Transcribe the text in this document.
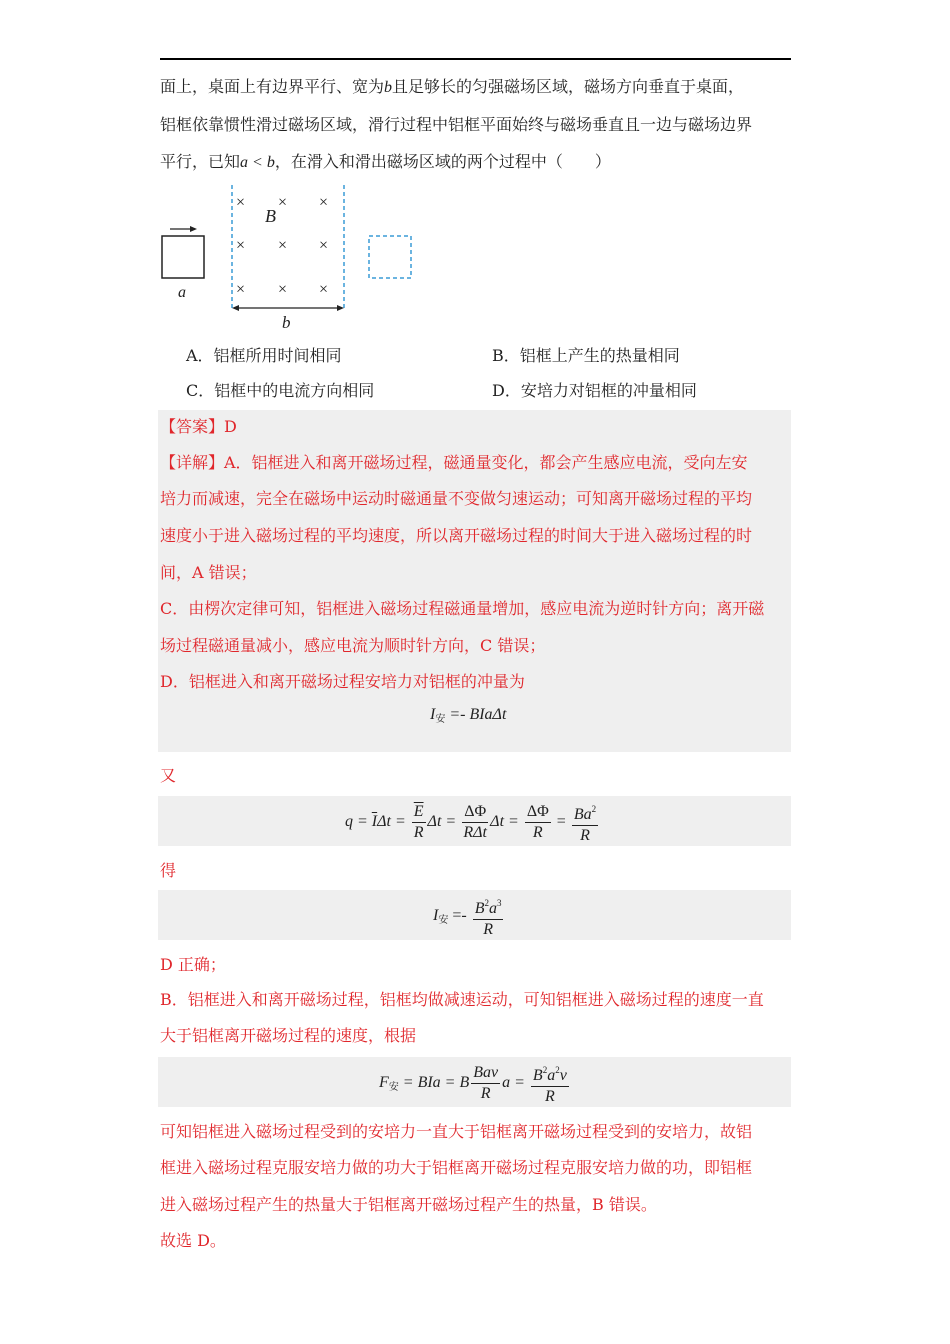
面上，桌面上有边界平行、宽为b且足够长的匀强磁场区域，磁场方向垂直于桌面，
铝框依靠惯性滑过磁场区域，滑行过程中铝框平面始终与磁场垂直且一边与磁场边界
平行，已知a < b，在滑入和滑出磁场区域的两个过程中（　　）
a
× × ×
B
× × ×
× × ×
b
A．铝框所用时间相同	B．铝框上产生的热量相同
C．铝框中的电流方向相同	D．安培力对铝框的冲量相同
【答案】D
【详解】A．铝框进入和离开磁场过程，磁通量变化，都会产生感应电流，受向左安
培力而减速，完全在磁场中运动时磁通量不变做匀速运动；可知离开磁场过程的平均
速度小于进入磁场过程的平均速度，所以离开磁场过程的时间大于进入磁场过程的时
间，A 错误；
C．由楞次定律可知，铝框进入磁场过程磁通量增加，感应电流为逆时针方向；离开磁
场过程磁通量减小，感应电流为顺时针方向，C 错误；
D．铝框进入和离开磁场过程安培力对铝框的冲量为
$I_安 =- BIa\Delta t$
又
$q = \overline{I}\Delta t = \frac{\overline{E}}{R}$ $\Delta t = \frac{\Delta\Phi}{\text{RΔt}}$ $\Delta t = \frac{\Delta\Phi}{R} = \frac{Ba^2}{R}$
得
$I_安 =- \frac{B^2a^3}{R}$
D 正确；
B．铝框进入和离开磁场过程，铝框均做减速运动，可知铝框进入磁场过程的速度一直
大于铝框离开磁场过程的速度，根据
$F_安$ = BIa = B $\frac{\text{Bav}}{R}$ $a = \frac{B^2a^2v}{R}$
可知铝框进入磁场过程受到的安培力一直大于铝框离开磁场过程受到的安培力，故铝
框进入磁场过程克服安培力做的功大于铝框离开磁场过程克服安培力做的功，即铝框
进入磁场过程产生的热量大于铝框离开磁场过程产生的热量，B 错误。
故选 D。
